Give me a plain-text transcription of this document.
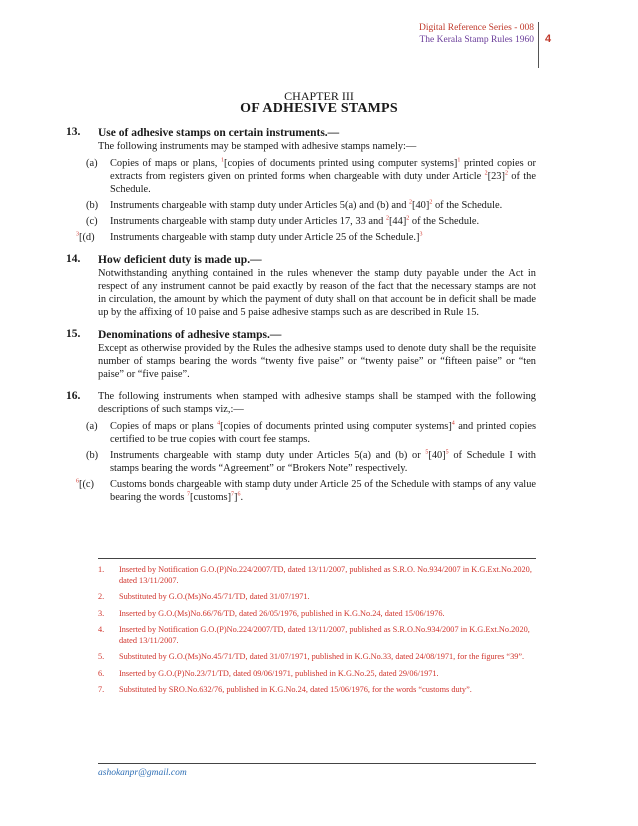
Digital Reference Series - 008
The Kerala Stamp Rules 1960 4
CHAPTER III
OF ADHESIVE STAMPS
13. Use of adhesive stamps on certain instruments.—
The following instruments may be stamped with adhesive stamps namely:—
(a) Copies of maps or plans, $^1$[copies of documents printed using computer systems]$^1$ printed copies or extracts from registers given on printed forms when chargeable with duty under Article $^2[23]^2$ of the Schedule.
(b) Instruments chargeable with stamp duty under Articles 5(a) and (b) and $^2[40]^2$ of the Schedule.
(c) Instruments chargeable with stamp duty under Articles 17, 33 and $^2[44]^2$ of the Schedule.
$^3$[(d) Instruments chargeable with stamp duty under Article 25 of the Schedule.]$^3$
14. How deficient duty is made up.—
Notwithstanding anything contained in the rules whenever the stamp duty payable under the Act in respect of any instrument cannot be paid exactly by reason of the fact that the necessary stamps are not in circulation, the amount by which the payment of duty shall on that account be in deficit shall be made up by the affixing of 10 paise and 5 paise adhesive stamps such as are described in Rule 15.
15. Denominations of adhesive stamps.—
Except as otherwise provided by the Rules the adhesive stamps used to denote duty shall be the requisite number of stamps bearing the words “twenty five paise” or “twenty paise” or “fifteen paise” or “ten paise” or “five paise”.
16. The following instruments when stamped with adhesive stamps shall be stamped with the following descriptions of such stamps viz,:—
(a) Copies of maps or plans $^4$[copies of documents printed using computer systems]$^4$ and printed copies certified to be true copies with court fee stamps.
(b) Instruments chargeable with stamp duty under Articles 5(a) and (b) or $^5[40]^5$ of Schedule I with stamps bearing the words “Agreement” or “Brokers Note” respectively.
$^6$[(c) Customs bonds chargeable with stamp duty under Article 25 of the Schedule with stamps of any value bearing the words $^7$[customs]$^7$]$^6$.
1. Inserted by Notification G.O.(P)No.224/2007/TD, dated 13/11/2007, published as S.R.O. No.934/2007 in K.G.Ext.No.2020, dated 13/11/2007.
2. Substituted by G.O.(Ms)No.45/71/TD, dated 31/07/1971.
3. Inserted by G.O.(Ms)No.66/76/TD, dated 26/05/1976, published in K.G.No.24, dated 15/06/1976.
4. Inserted by Notification G.O.(P)No.224/2007/TD, dated 13/11/2007, published as S.R.O.No.934/2007 in K.G.Ext.No.2020, dated 13/11/2007.
5. Substituted by G.O.(Ms)No.45/71/TD, dated 31/07/1971, published in K.G.No.33, dated 24/08/1971, for the figures “39”.
6. Inserted by G.O.(P)No.23/71/TD, dated 09/06/1971, published in K.G.No.25, dated 29/06/1971.
7. Substituted by SRO.No.632/76, published in K.G.No.24, dated 15/06/1976, for the words “customs duty”.
ashokanpr@gmail.com
